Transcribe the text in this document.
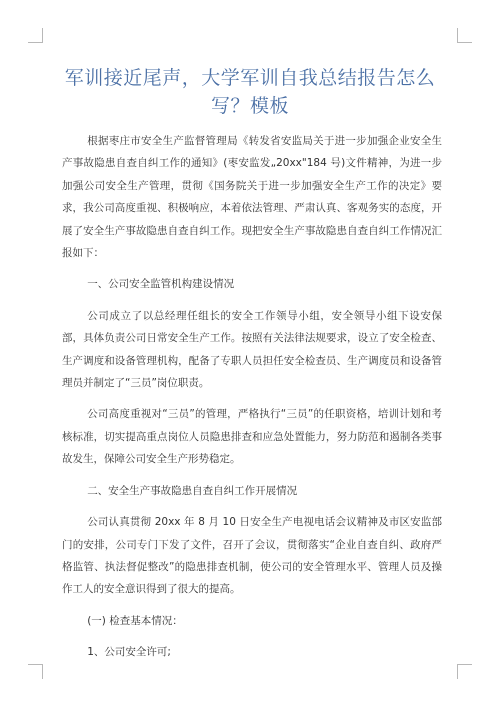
军训接近尾声，大学军训自我总结报告怎么写？模板

根据枣庄市安全生产监督管理局《转发省安监局关于进一步加强企业安全生产事故隐患自查自纠工作的通知》(枣安监发„20xx"184 号)文件精神，为进一步加强公司安全生产管理，贯彻《国务院关于进一步加强安全生产工作的决定》要求，我公司高度重视、积极响应，本着依法管理、严肃认真、客观务实的态度，开展了安全生产事故隐患自查自纠工作。现把安全生产事故隐患自查自纠工作情况汇报如下：

一、公司安全监管机构建设情况

公司成立了以总经理任组长的安全工作领导小组，安全领导小组下设安保部，具体负责公司日常安全生产工作。按照有关法律法规要求，设立了安全检查、生产调度和设备管理机构，配备了专职人员担任安全检查员、生产调度员和设备管理员并制定了“三员”岗位职责。

公司高度重视对“三员”的管理，严格执行“三员”的任职资格，培训计划和考核标准，切实提高重点岗位人员隐患排查和应急处置能力，努力防范和遏制各类事故发生，保障公司安全生产形势稳定。

二、安全生产事故隐患自查自纠工作开展情况

公司认真贯彻 20xx 年 8 月 10 日安全生产电视电话会议精神及市区安监部门的安排，公司专门下发了文件，召开了会议，贯彻落实“企业自查自纠、政府严格监管、执法督促整改”的隐患排查机制，使公司的安全管理水平、管理人员及操作工人的安全意识得到了很大的提高。

(一) 检查基本情况：

1、公司安全许可;
